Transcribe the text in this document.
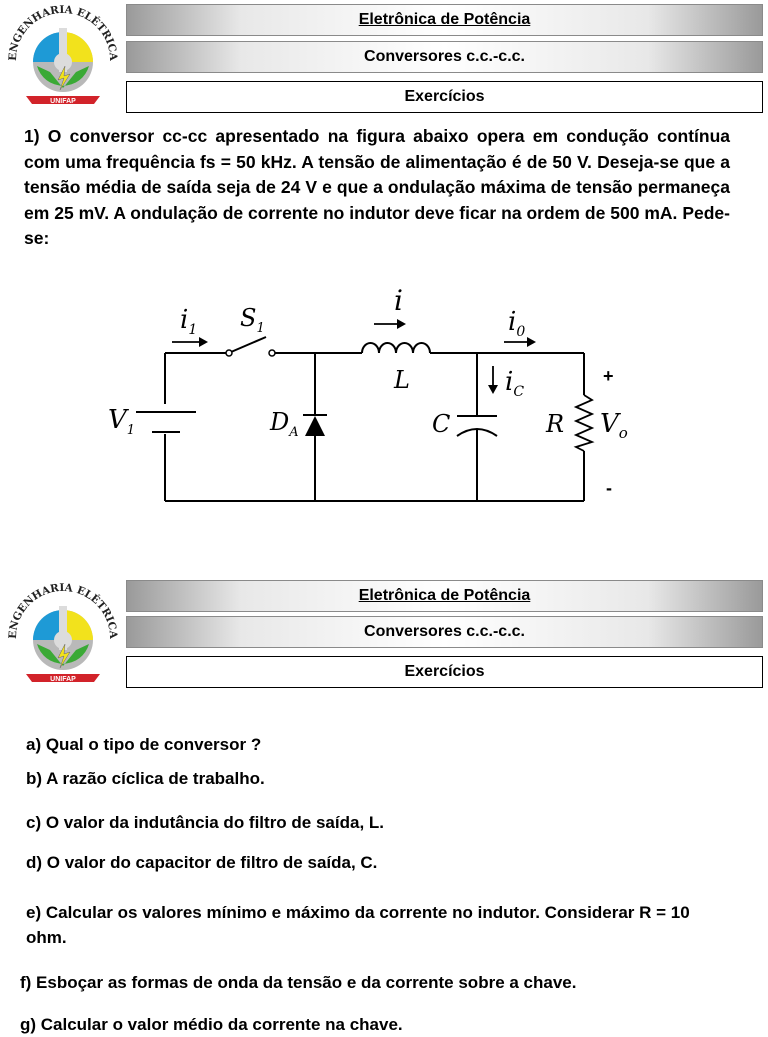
ENGENHARIA ELÉTRICA
UNIFAP
Eletrônica de Potência
Conversores c.c.-c.c.
Exercícios

1) O conversor cc-cc apresentado na figura abaixo opera em condução contínua com uma frequência fs = 50 kHz. A tensão de alimentação é de 50 V. Deseja-se que a tensão média de saída seja de 24 V e que a ondulação máxima de tensão permaneça em 25 mV. A ondulação de corrente no indutor deve ficar na ordem de 500 mA. Pede-se:

$i_1$ $S_1$
i
L
$i_0$
$i_C$
$V_1$	$D_A$	C	R $V_o$
+
-
ENGENHARIA ELÉTRICA
UNIFAP
Eletrônica de Potência
Conversores c.c.-c.c.
Exercícios

a) Qual o tipo de conversor ?

b) A razão cíclica de trabalho.

c) O valor da indutância do filtro de saída, L.

d) O valor do capacitor de filtro de saída, C.

e) Calcular os valores mínimo e máximo da corrente no indutor. Considerar R = 10 ohm.

f) Esboçar as formas de onda da tensão e da corrente sobre a chave.

g) Calcular o valor médio da corrente na chave.
